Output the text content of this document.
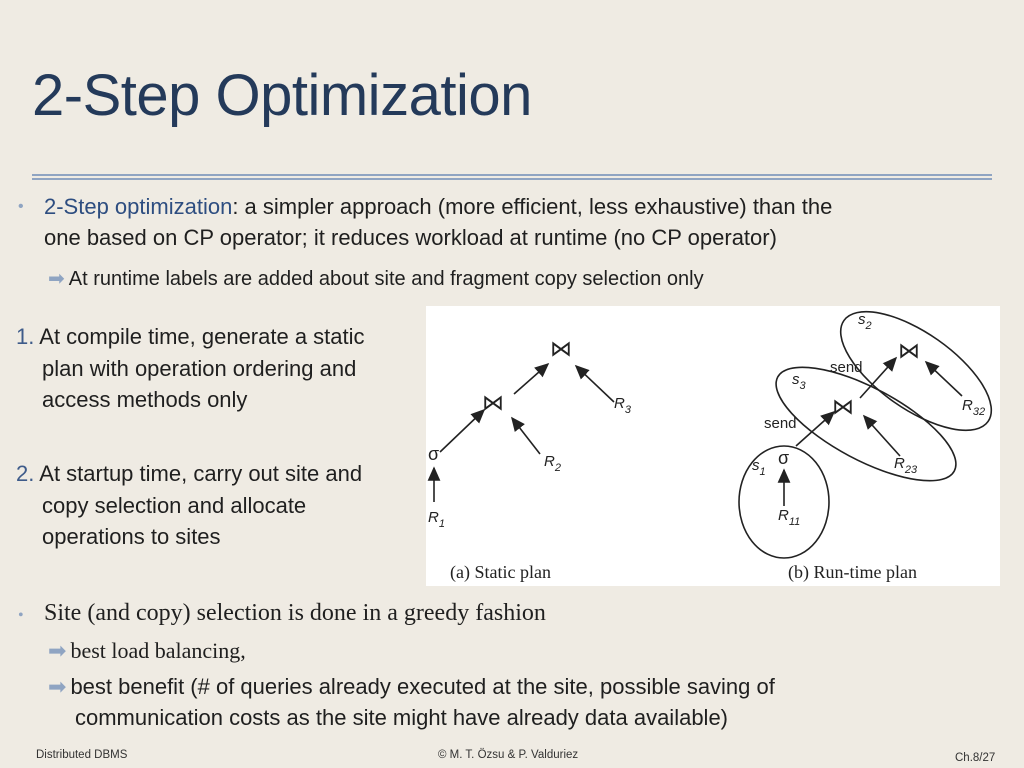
2-Step Optimization
• 2-Step optimization: a simpler approach (more efficient, less exhaustive) than the
one based on CP operator; it reduces workload at runtime (no CP operator)
➡ At runtime labels are added about site and fragment copy selection only
1. At compile time, generate a static plan with operation ordering and access methods only
2. At startup time, carry out site and copy selection and allocate operations to sites
⋈
⋈
σ
$R_1$
$R_2$
$R_3$
(a) Static plan
⋈
⋈
σ
send
send
$s_2$
$s_3$
$s_1$
$R_{32}$
$R_{23}$
$R_{11}$
(b) Run-time plan
• Site (and copy) selection is done in a greedy fashion
➡ best load balancing,
➡ best benefit (# of queries already executed at the site, possible saving of
communication costs as the site might have already data available)
Distributed DBMS	© M. T. Özsu & P. Valduriez	Ch.8/27
